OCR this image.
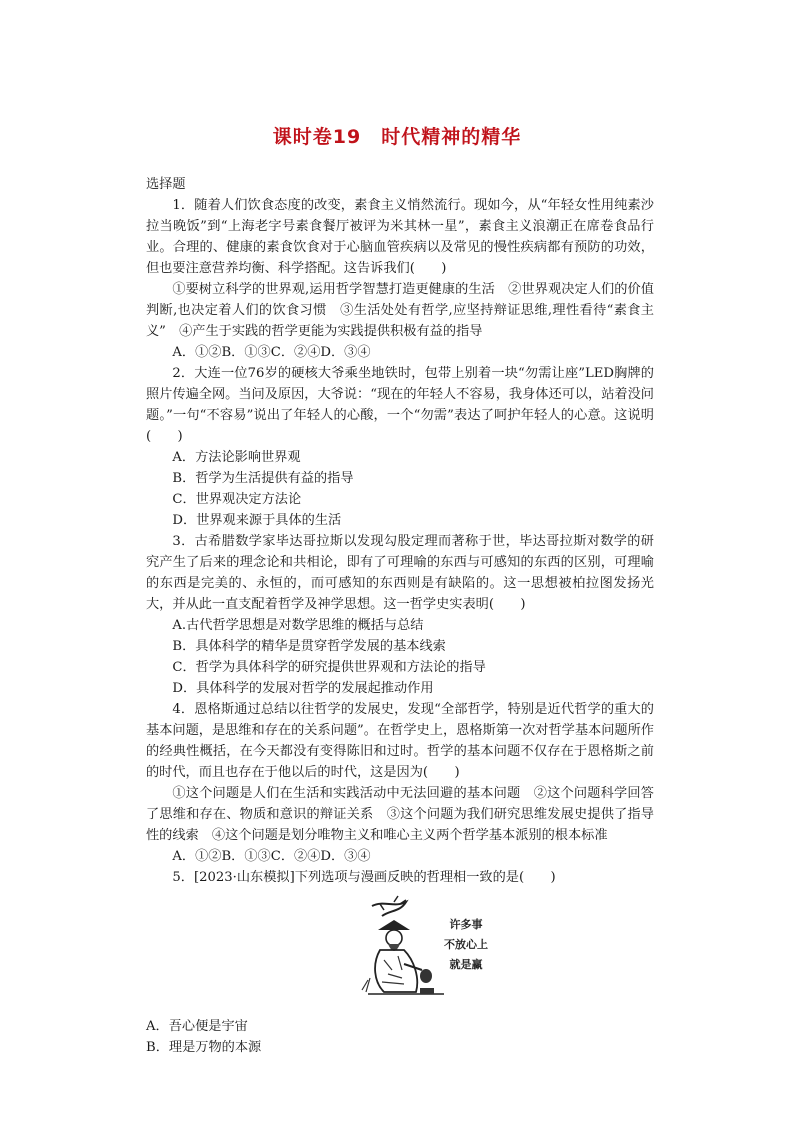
课时卷19　时代精神的精华

选择题

1．随着人们饮食态度的改变，素食主义悄然流行。现如今，从“年轻女性用纯素沙拉当晚饭”到“上海老字号素食餐厅被评为米其林一星”，素食主义浪潮正在席卷食品行业。合理的、健康的素食饮食对于心脑血管疾病以及常见的慢性疾病都有预防的功效，但也要注意营养均衡、科学搭配。这告诉我们(　　)

①要树立科学的世界观,运用哲学智慧打造更健康的生活　②世界观决定人们的价值判断,也决定着人们的饮食习惯　③生活处处有哲学,应坚持辩证思维,理性看待“素食主义”　④产生于实践的哲学更能为实践提供积极有益的指导

A．①②B．①③C．②④D．③④

2．大连一位76岁的硬核大爷乘坐地铁时，包带上别着一块“勿需让座”LED胸牌的照片传遍全网。当问及原因，大爷说：“现在的年轻人不容易，我身体还可以，站着没问题。”一句“不容易”说出了年轻人的心酸，一个“勿需”表达了呵护年轻人的心意。这说明(　　)

A．方法论影响世界观

B．哲学为生活提供有益的指导

C．世界观决定方法论

D．世界观来源于具体的生活

3．古希腊数学家毕达哥拉斯以发现勾股定理而著称于世，毕达哥拉斯对数学的研究产生了后来的理念论和共相论，即有了可理喻的东西与可感知的东西的区别，可理喻的东西是完美的、永恒的，而可感知的东西则是有缺陷的。这一思想被柏拉图发扬光大，并从此一直支配着哲学及神学思想。这一哲学史实表明(　　)

A.古代哲学思想是对数学思维的概括与总结

B．具体科学的精华是贯穿哲学发展的基本线索

C．哲学为具体科学的研究提供世界观和方法论的指导

D．具体科学的发展对哲学的发展起推动作用

4．恩格斯通过总结以往哲学的发展史，发现“全部哲学，特别是近代哲学的重大的基本问题，是思维和存在的关系问题”。在哲学史上，恩格斯第一次对哲学基本问题所作的经典性概括，在今天都没有变得陈旧和过时。哲学的基本问题不仅存在于恩格斯之前的时代，而且也存在于他以后的时代，这是因为(　　)

①这个问题是人们在生活和实践活动中无法回避的基本问题　②这个问题科学回答了思维和存在、物质和意识的辩证关系　③这个问题为我们研究思维发展史提供了指导性的线索　④这个问题是划分唯物主义和唯心主义两个哲学基本派别的根本标准

A．①②B．①③C．②④D．③④

5．[2023·山东模拟]下列选项与漫画反映的哲理相一致的是(　　)

许多事
不放心上
就是赢

A．吾心便是宇宙

B．理是万物的本源
